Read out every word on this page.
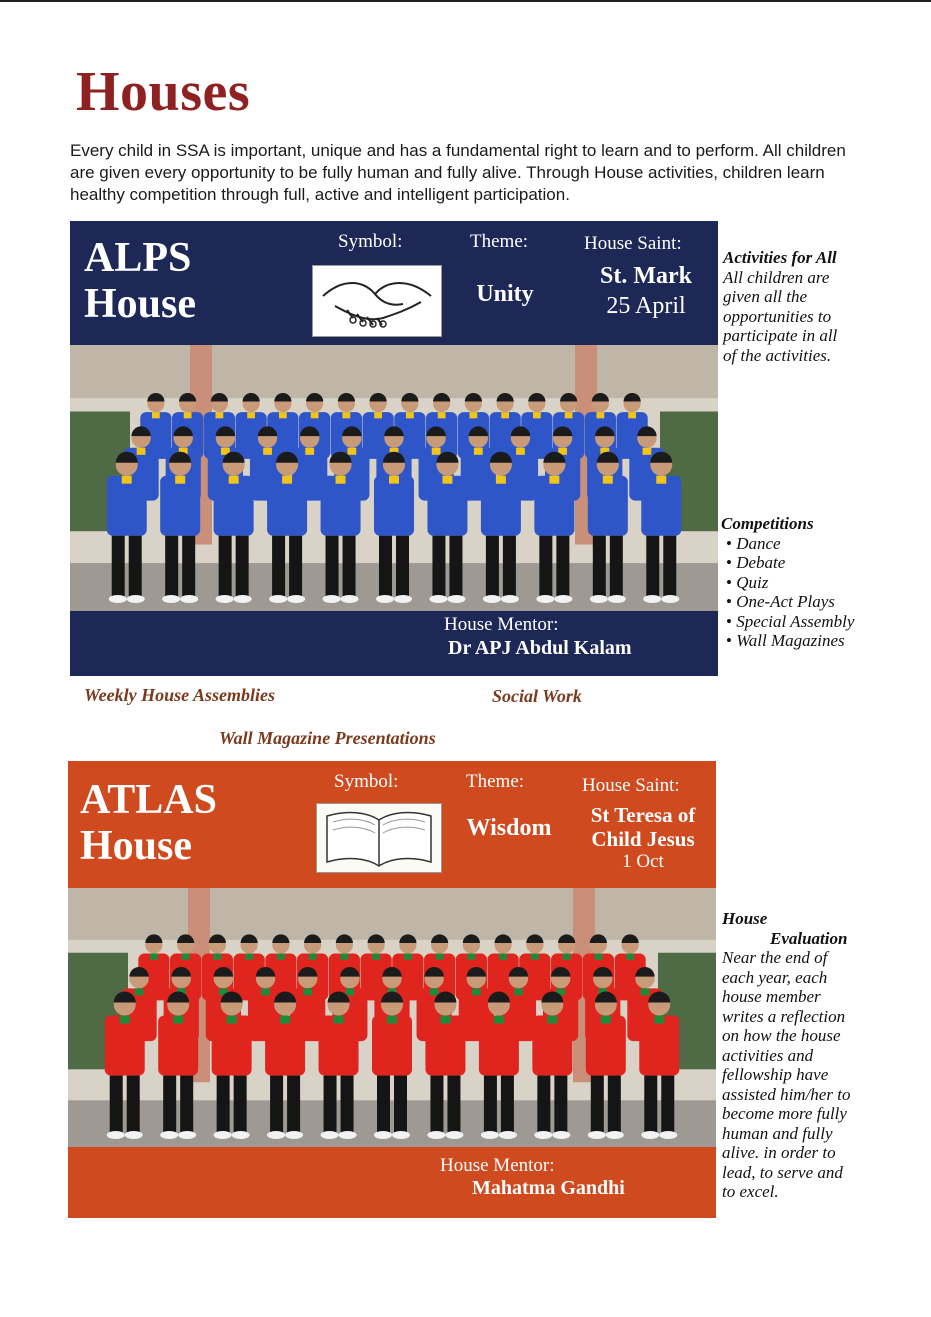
Houses

Every child in SSA is important, unique and has a fundamental right to learn and to perform. All children are given every opportunity to be fully human and fully alive. Through House activities, children learn healthy competition through full, active and intelligent participation.

ALPS
House
Symbol:	Theme:
Unity
House Saint:
St. Mark
25 April
House Mentor:
Dr APJ Abdul Kalam
Activities for All
All children are
given all the
opportunities to
participate in all
of the activities.
Competitions
• Dance
• Debate
• Quiz
• One-Act Plays
• Special Assembly
• Wall Magazines
Weekly House Assemblies	Social Work
Wall Magazine Presentations
ATLAS
House
Symbol:	Theme:
Wisdom
House Saint:
St Teresa of
Child Jesus
1 Oct
House Mentor:
Mahatma Gandhi
House
Evaluation
Near the end of
each year, each
house member
writes a reflection
on how the house
activities and
fellowship have
assisted him/her to
become more fully
human and fully
alive. in order to
lead, to serve and
to excel.
